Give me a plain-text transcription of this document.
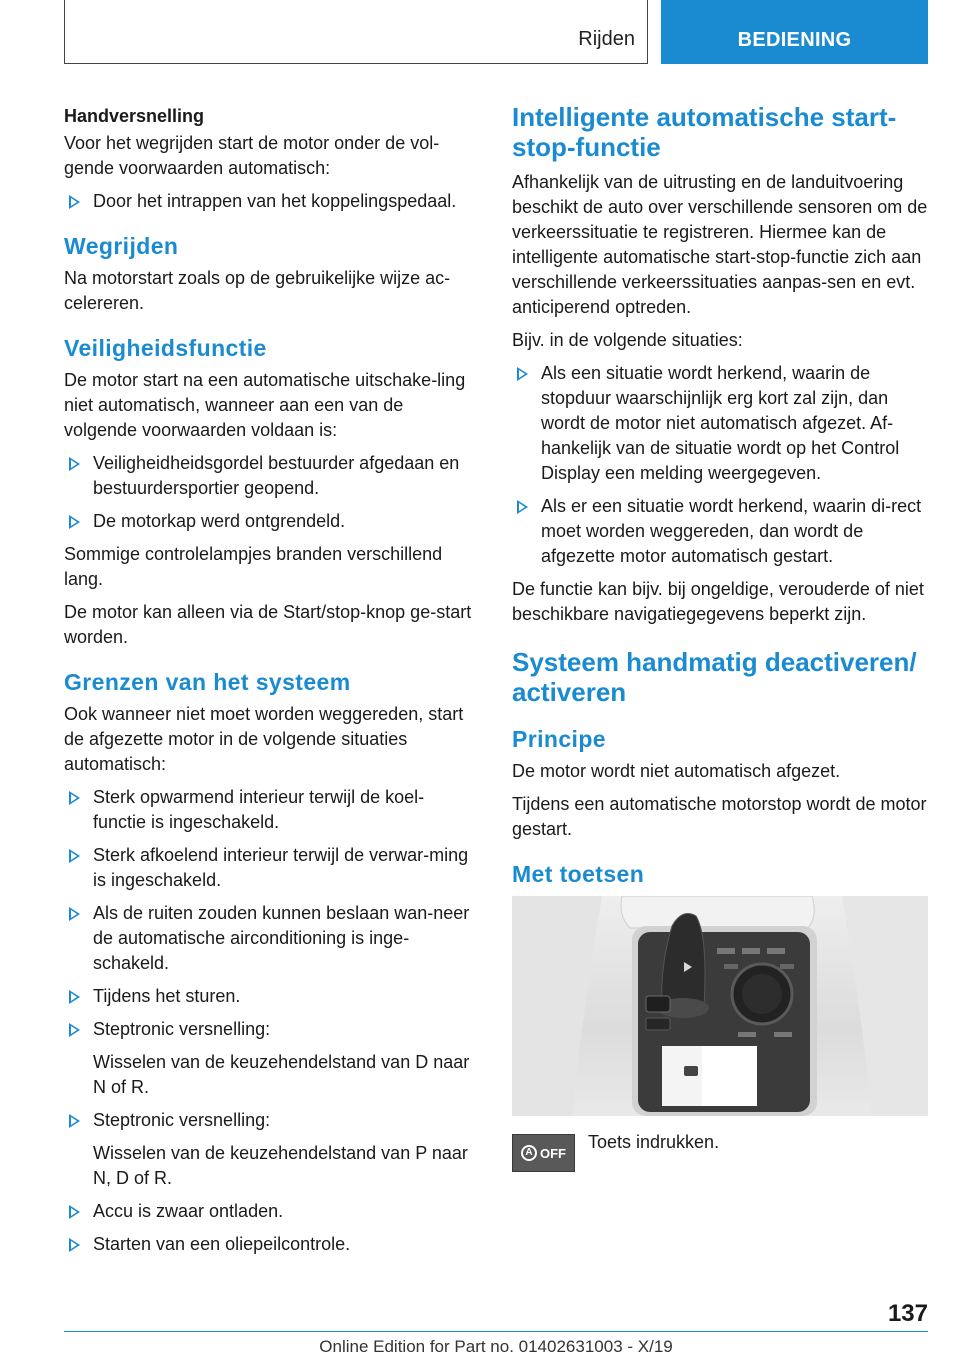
Rijden	BEDIENING
Handversnelling

Voor het wegrijden start de motor onder de vol-gende voorwaarden automatisch:

Door het intrappen van het koppelingspedaal.
Wegrijden

Na motorstart zoals op de gebruikelijke wijze ac-celereren.

Veiligheidsfunctie

De motor start na een automatische uitschake-ling niet automatisch, wanneer aan een van de volgende voorwaarden voldaan is:

Veiligheidheidsgordel bestuurder afgedaan en bestuurdersportier geopend.
De motorkap werd ontgrendeld.

Sommige controlelampjes branden verschillend lang.

De motor kan alleen via de Start/stop-knop ge-start worden.

Grenzen van het systeem

Ook wanneer niet moet worden weggereden, start de afgezette motor in de volgende situaties automatisch:

Sterk opwarmend interieur terwijl de koel-functie is ingeschakeld.
Sterk afkoelend interieur terwijl de verwar-ming is ingeschakeld.
Als de ruiten zouden kunnen beslaan wan-neer de automatische airconditioning is inge-schakeld.
Tijdens het sturen.
Steptronic versnelling:
Wisselen van de keuzehendelstand van D naar N of R.
Steptronic versnelling:
Wisselen van de keuzehendelstand van P naar N, D of R.
Accu is zwaar ontladen.
Starten van een oliepeilcontrole.
Intelligente automatische start-stop-functie

Afhankelijk van de uitrusting en de landuitvoering beschikt de auto over verschillende sensoren om de verkeerssituatie te registreren. Hiermee kan de intelligente automatische start-stop-functie zich aan verschillende verkeerssituaties aanpas-sen en evt. anticiperend optreden.

Bijv. in de volgende situaties:

Als een situatie wordt herkend, waarin de stopduur waarschijnlijk erg kort zal zijn, dan wordt de motor niet automatisch afgezet. Af-hankelijk van de situatie wordt op het Control Display een melding weergegeven.
Als er een situatie wordt herkend, waarin di-rect moet worden weggereden, dan wordt de afgezette motor automatisch gestart.

De functie kan bijv. bij ongeldige, verouderde of niet beschikbare navigatiegegevens beperkt zijn.

Systeem handmatig deactiveren/ activeren
Principe

De motor wordt niet automatisch afgezet.

Tijdens een automatische motorstop wordt de motor gestart.

Met toetsen
A OFF
Toets indrukken.
137
Online Edition for Part no. 01402631003 - X/19
